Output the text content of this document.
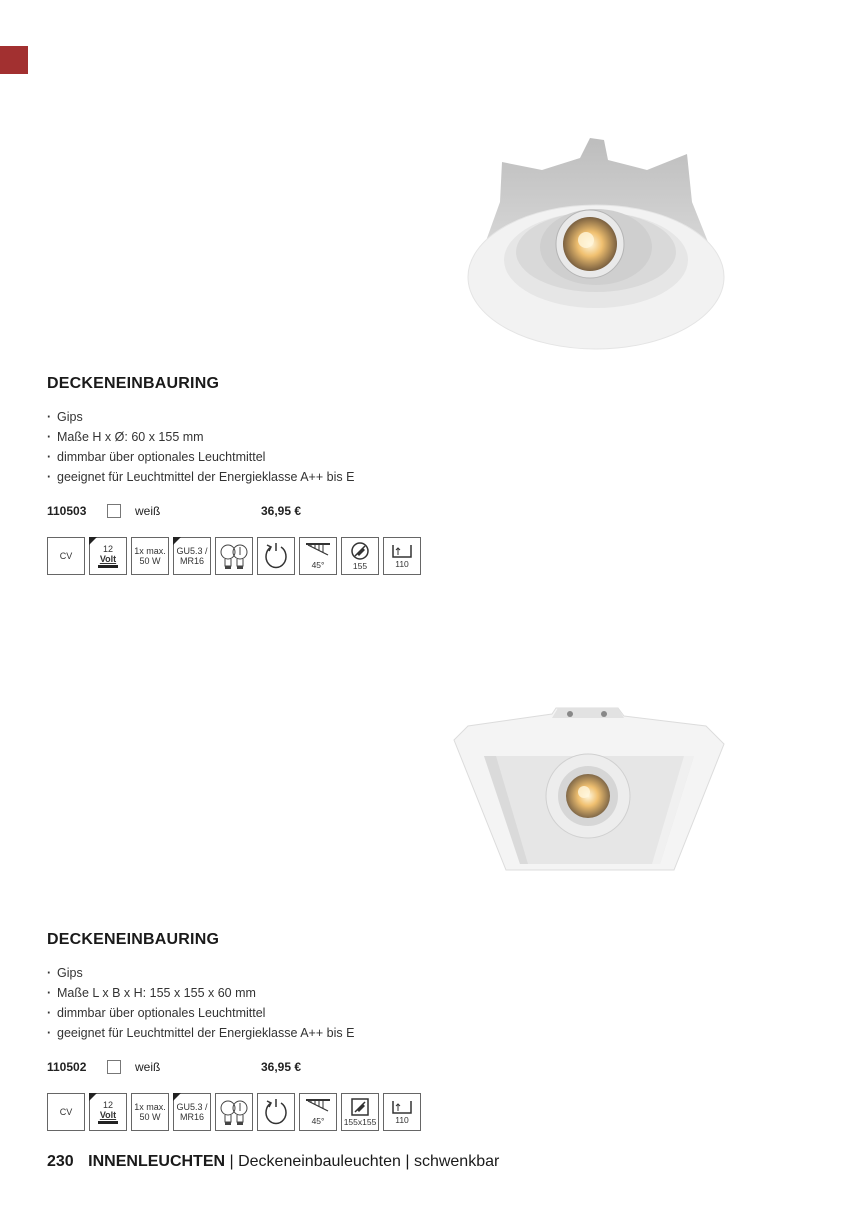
DECKENEINBAURING
· Gips
· Maße H x Ø: 60 x 155 mm
· dimmbar über optionales Leuchtmittel
· geeignet für Leuchtmittel der Energieklasse A++ bis E
110503	weiß	36,95 €
CV
12
Volt
1x max.
50 W
GU5.3 /
MR16	45°	155	110
DECKENEINBAURING
· Gips
· Maße L x B x H: 155 x 155 x 60 mm
· dimmbar über optionales Leuchtmittel
· geeignet für Leuchtmittel der Energieklasse A++ bis E
110502	weiß	36,95 €
CV
12
Volt
1x max.
50 W
GU5.3 /
MR16	45° 155x155 110
230 INNENLEUCHTEN | Deckeneinbauleuchten | schwenkbar
